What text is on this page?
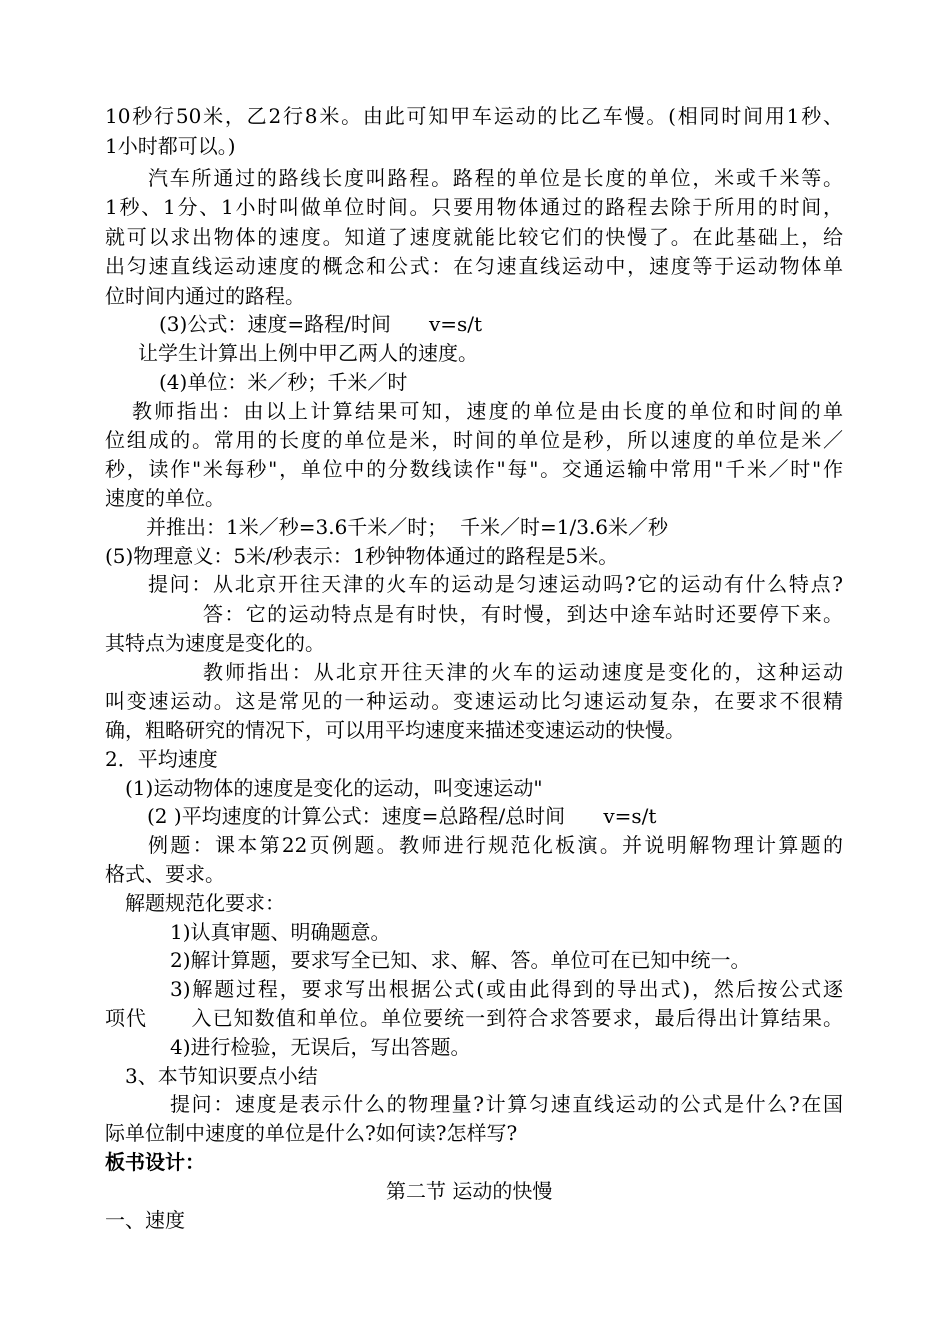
10秒行50米，乙2行8米。由此可知甲车运动的比乙车慢。(相同时间用1秒、
1小时都可以。)
汽车所通过的路线长度叫路程。路程的单位是长度的单位，米或千米等。
1秒、1分、1小时叫做单位时间。只要用物体通过的路程去除于所用的时间，
就可以求出物体的速度。知道了速度就能比较它们的快慢了。在此基础上，给
出匀速直线运动速度的概念和公式：在匀速直线运动中，速度等于运动物体单
位时间内通过的路程。
(3)公式：速度=路程/时间      v=s/t
让学生计算出上例中甲乙两人的速度。
(4)单位：米／秒；千米／时
教师指出：由以上计算结果可知，速度的单位是由长度的单位和时间的单
位组成的。常用的长度的单位是米，时间的单位是秒，所以速度的单位是米／
秒，读作"米每秒"，单位中的分数线读作"每"。交通运输中常用"千米／时"作
速度的单位。
并推出：1米／秒=3.6千米／时；  千米／时=1/3.6米／秒
(5)物理意义：5米/秒表示：1秒钟物体通过的路程是5米。
提问：从北京开往天津的火车的运动是匀速运动吗?它的运动有什么特点?
答：它的运动特点是有时快，有时慢，到达中途车站时还要停下来。
其特点为速度是变化的。
教师指出：从北京开往天津的火车的运动速度是变化的，这种运动
叫变速运动。这是常见的一种运动。变速运动比匀速运动复杂，在要求不很精
确，粗略研究的情况下，可以用平均速度来描述变速运动的快慢。
2．平均速度
(1)运动物体的速度是变化的运动，叫变速运动"
(2 )平均速度的计算公式：速度=总路程/总时间      v=s/t
例题：课本第22页例题。教师进行规范化板演。并说明解物理计算题的
格式、要求。
解题规范化要求：
1)认真审题、明确题意。
2)解计算题，要求写全已知、求、解、答。单位可在已知中统一。
3)解题过程，要求写出根据公式(或由此得到的导出式)，然后按公式逐
项代      入已知数值和单位。单位要统一到符合求答要求，最后得出计算结果。
4)进行检验，无误后，写出答题。
3、本节知识要点小结
提问：速度是表示什么的物理量?计算匀速直线运动的公式是什么?在国
际单位制中速度的单位是什么?如何读?怎样写?
板书设计：
第二节 运动的快慢
一、速度
